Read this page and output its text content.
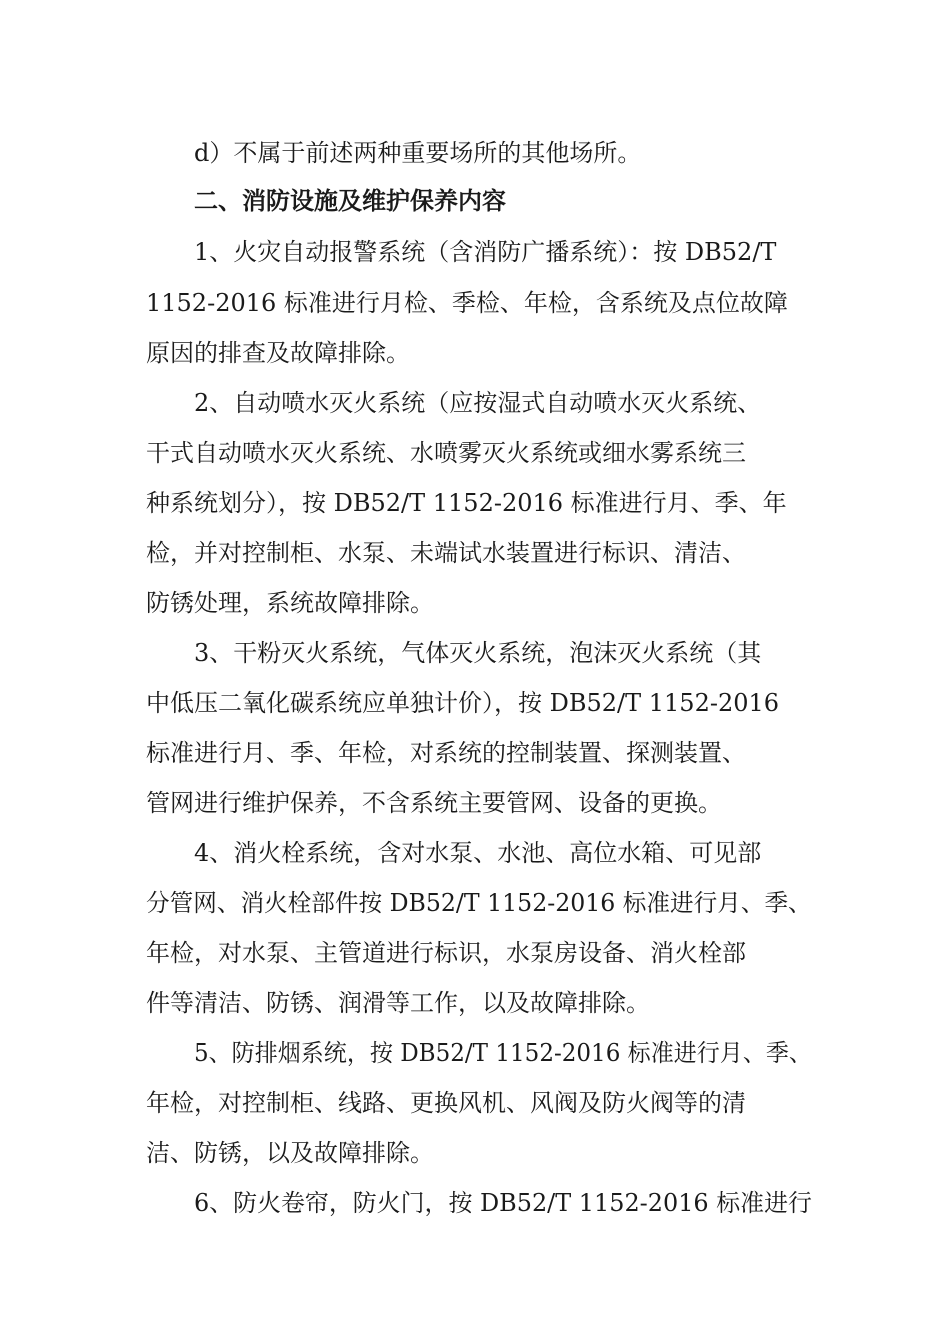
d）不属于前述两种重要场所的其他场所。
二、消防设施及维护保养内容
1、火灾自动报警系统（含消防广播系统）：按 DB52/T
1152-2016 标准进行月检、季检、年检，含系统及点位故障
原因的排查及故障排除。
2、自动喷水灭火系统（应按湿式自动喷水灭火系统、
干式自动喷水灭火系统、水喷雾灭火系统或细水雾系统三
种系统划分），按 DB52/T 1152-2016 标准进行月、季、年
检，并对控制柜、水泵、未端试水装置进行标识、清洁、
防锈处理，系统故障排除。
3、干粉灭火系统，气体灭火系统，泡沫灭火系统（其
中低压二氧化碳系统应单独计价），按 DB52/T 1152-2016
标准进行月、季、年检，对系统的控制装置、探测装置、
管网进行维护保养，不含系统主要管网、设备的更换。
4、消火栓系统，含对水泵、水池、高位水箱、可见部
分管网、消火栓部件按 DB52/T 1152-2016 标准进行月、季、
年检，对水泵、主管道进行标识，水泵房设备、消火栓部
件等清洁、防锈、润滑等工作，以及故障排除。
5、防排烟系统，按 DB52/T 1152-2016 标准进行月、季、
年检，对控制柜、线路、更换风机、风阀及防火阀等的清
洁、防锈，以及故障排除。
6、防火卷帘，防火门，按 DB52/T 1152-2016 标准进行
